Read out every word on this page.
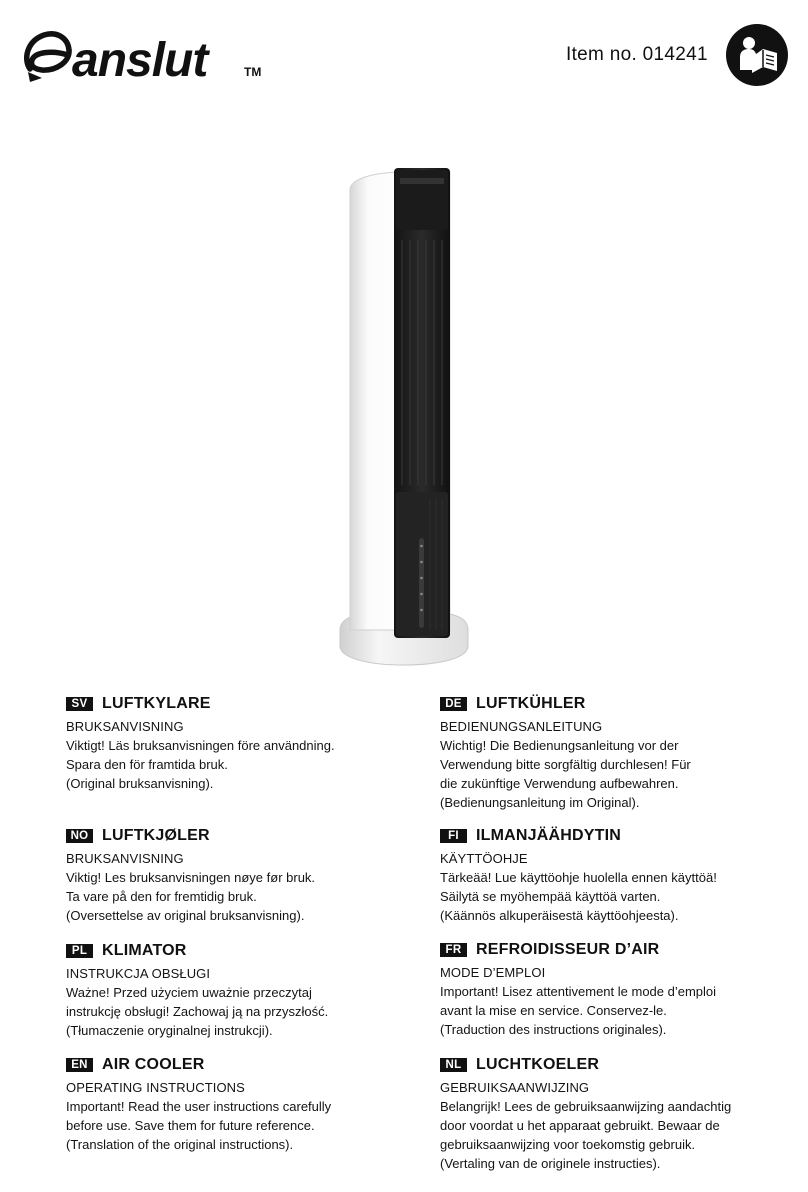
anslut	TM
Item no. 014241
SV LUFTKYLARE
BRUKSANVISNING
Viktigt! Läs bruksanvisningen före användning.
Spara den för framtida bruk.
(Original bruksanvisning).
NO LUFTKJØLER
BRUKSANVISNING
Viktig! Les bruksanvisningen nøye før bruk.
Ta vare på den for fremtidig bruk.
(Oversettelse av original bruksanvisning).
PL KLIMATOR
INSTRUKCJA OBSŁUGI
Ważne! Przed użyciem uważnie przeczytaj
instrukcję obsługi! Zachowaj ją na przyszłość.
(Tłumaczenie oryginalnej instrukcji).
EN AIR COOLER
OPERATING INSTRUCTIONS
Important! Read the user instructions carefully
before use. Save them for future reference.
(Translation of the original instructions).
DE LUFTKÜHLER
BEDIENUNGSANLEITUNG
Wichtig! Die Bedienungsanleitung vor der
Verwendung bitte sorgfältig durchlesen! Für
die zukünftige Verwendung aufbewahren.
(Bedienungsanleitung im Original).
FI	ILMANJÄÄHDYTIN
KÄYTTÖOHJE
Tärkeää! Lue käyttöohje huolella ennen käyttöä!
Säilytä se myöhempää käyttöä varten.
(Käännös alkuperäisestä käyttöohjeesta).
FR REFROIDISSEUR D’AIR
MODE D’EMPLOI
Important! Lisez attentivement le mode d’emploi
avant la mise en service. Conservez-le.
(Traduction des instructions originales).
NL LUCHTKOELER
GEBRUIKSAANWIJZING
Belangrijk! Lees de gebruiksaanwijzing aandachtig
door voordat u het apparaat gebruikt. Bewaar de
gebruiksaanwijzing voor toekomstig gebruik.
(Vertaling van de originele instructies).
